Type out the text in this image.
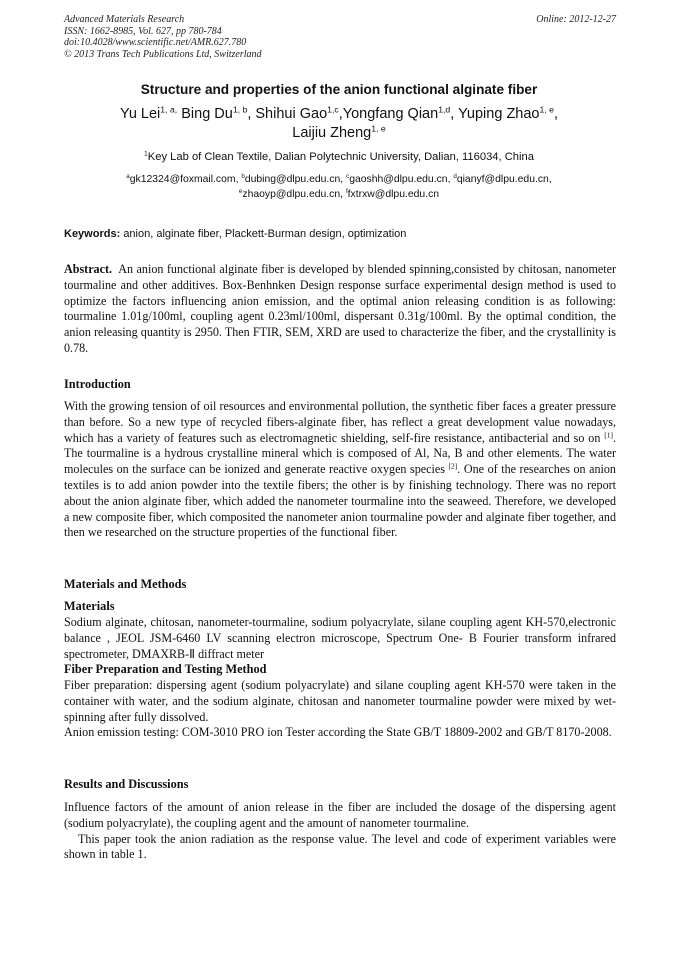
Advanced Materials Research
ISSN: 1662-8985, Vol. 627, pp 780-784
doi:10.4028/www.scientific.net/AMR.627.780
© 2013 Trans Tech Publications Ltd, Switzerland
Online: 2012-12-27
Structure and properties of the anion functional alginate fiber
Yu Lei$^{1, a,}$ Bing Du$^{1, b}$, Shihui Gao$^{1,c}$,Yongfang Qian$^{1,d}$, Yuping Zhao$^{1, e}$,
Laijiu Zheng$^{1, e}$
$^1$Key Lab of Clean Textile, Dalian Polytechnic University, Dalian, 116034, China
$^a$gk12324@foxmail.com, $^b$dubing@dlpu.edu.cn, $^c$gaoshh@dlpu.edu.cn, $^d$qianyf@dlpu.edu.cn,
$^e$zhaoyp@dlpu.edu.cn, $^f$fxtrxw@dlpu.edu.cn
Keywords: anion, alginate fiber, Plackett-Burman design, optimization
Abstract. An anion functional alginate fiber is developed by blended spinning,consisted by chitosan, nanometer tourmaline and other additives. Box-Benhnken Design response surface experimental design method is used to optimize the factors influencing anion emission, and the optimal anion releasing condition is as following: tourmaline 1.01g/100ml, coupling agent 0.23ml/100ml, dispersant 0.31g/100ml. By the optimal condition, the anion releasing quantity is 2950. Then FTIR, SEM, XRD are used to characterize the fiber, and the crystallinity is 0.78.
Introduction
With the growing tension of oil resources and environmental pollution, the synthetic fiber faces a greater pressure than before. So a new type of recycled fibers-alginate fiber, has reflect a great development value nowadays, which has a variety of features such as electromagnetic shielding, self-fire resistance, antibacterial and so on [1]. The tourmaline is a hydrous crystalline mineral which is composed of Al, Na, B and other elements. The water molecules on the surface can be ionized and generate reactive oxygen species [2]. One of the researches on anion textiles is to add anion powder into the textile fibers; the other is by finishing technology. There was no report about the anion alginate fiber, which added the nanometer tourmaline into the seaweed. Therefore, we developed a new composite fiber, which composited the nanometer anion tourmaline powder and alginate fiber together, and then we researched on the structure properties of the functional fiber.
Materials and Methods
Materials
Sodium alginate, chitosan, nanometer-tourmaline, sodium polyacrylate, silane coupling agent KH-570,electronic balance , JEOL JSM-6460 LV scanning electron microscope, Spectrum One- B Fourier transform infrared spectrometer, DMAXRB-Ⅱ diffract meter
Fiber Preparation and Testing Method
Fiber preparation: dispersing agent (sodium polyacrylate) and silane coupling agent KH-570 were taken in the container with water, and the sodium alginate, chitosan and nanometer tourmaline powder were mixed by wet-spinning after fully dissolved.
Anion emission testing: COM-3010 PRO ion Tester according the State GB/T 18809-2002 and GB/T 8170-2008.
Results and Discussions
Influence factors of the amount of anion release in the fiber are included the dosage of the dispersing agent (sodium polyacrylate), the coupling agent and the amount of nanometer tourmaline.
This paper took the anion radiation as the response value. The level and code of experiment variables were shown in table 1.
